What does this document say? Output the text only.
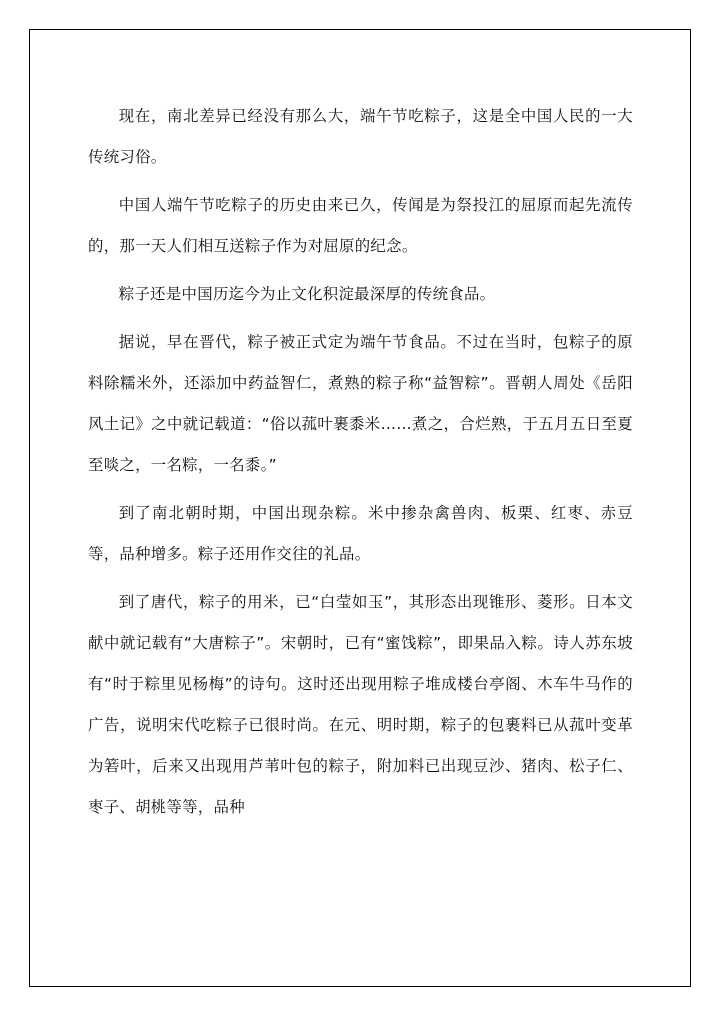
现在，南北差异已经没有那么大，端午节吃粽子，这是全中国人民的一大传统习俗。

中国人端午节吃粽子的历史由来已久，传闻是为祭投江的屈原而起先流传的，那一天人们相互送粽子作为对屈原的纪念。

粽子还是中国历迄今为止文化积淀最深厚的传统食品。

据说，早在晋代，粽子被正式定为端午节食品。不过在当时，包粽子的原料除糯米外，还添加中药益智仁，煮熟的粽子称“益智粽”。晋朝人周处《岳阳风土记》之中就记载道：“俗以菰叶裹黍米……煮之，合烂熟，于五月五日至夏至啖之，一名粽，一名黍。”

到了南北朝时期，中国出现杂粽。米中掺杂禽兽肉、板栗、红枣、赤豆等，品种增多。粽子还用作交往的礼品。

到了唐代，粽子的用米，已“白莹如玉”，其形态出现锥形、菱形。日本文献中就记载有“大唐粽子”。宋朝时，已有“蜜饯粽”，即果品入粽。诗人苏东坡有“时于粽里见杨梅”的诗句。这时还出现用粽子堆成楼台亭阁、木车牛马作的广告，说明宋代吃粽子已很时尚。在元、明时期，粽子的包裹料已从菰叶变革为箬叶，后来又出现用芦苇叶包的粽子，附加料已出现豆沙、猪肉、松子仁、枣子、胡桃等等，品种
